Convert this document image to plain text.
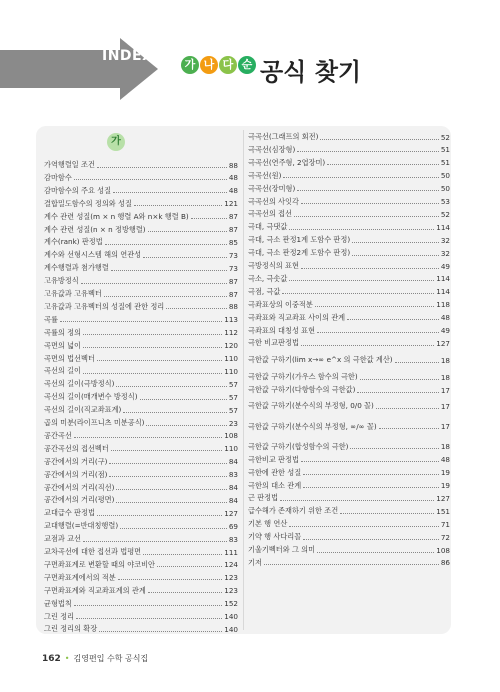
INDEX
가 나 다 순 공식 찾기
가역행렬일 조건	88
감마함수	48
감마함수의 주요 성질	48
결합밀도함수의 정의와 성질	121
계수 관련 성질(m × n 행렬 A와 n×k 행렬 B)	87
계수 관련 성질(n × n 정방행렬)	87
계수(rank) 판정법	85
계수와 선형시스템 해의 연관성	73
계수행렬과 첨가행렬	73
고유방정식	87
고유값과 고유벡터	87
고유값과 고유벡터의 성질에 관한 정리	88
곡률	113
곡률의 정의	112
곡면의 넓이	120
곡면의 법선벡터	110
곡선의 길이	110
곡선의 길이(극방정식)	57
곡선의 길이(매개변수 방정식)	57
곡선의 길이(직교좌표계)	57
곱의 미분(라이프니츠 미분공식)	23
공간곡선	108
공간곡선의 접선벡터	110
공간에서의 거리(구)	84
공간에서의 거리(점)	83
공간에서의 거리(직선)	84
공간에서의 거리(평면)	84
교대급수 판정법	127
교대행렬(=반대칭행렬)	69
교점과 교선	83
교차곡선에 대한 접선과 법평면	111
구면좌표계로 변환할 때의 야코비안	124
구면좌표계에서의 적분	123
구면좌표계와 직교좌표계의 관계	123
균형법칙	152
그린 정리	140
그린 정리의 확장	140
극곡선(그래프의 회전)	52
극곡선(심장형)	51
극곡선(연주형, 2엽장미)	51
극곡선(원)	50
극곡선(장미형)	50
극곡선의 사잇각	53
극곡선의 접선	52
극대, 극댓값	114
극대, 극소 판정1계 도함수 판정)	32
극대, 극소 판정2계 도함수 판정)	32
극방정식의 표현	49
극소, 극솟값	114
극점, 극값	114
극좌표상의 이중적분	118
극좌표와 직교좌표 사이의 관계	48
극좌표의 대칭성 표현	49
극한 비교판정법	127
극한값 구하기(lim x→∞ e^x 의 극한값 계산)	18
극한값 구하기(가우스 함수의 극한)	18
극한값 구하기(다항함수의 극한값)	17
극한값 구하기(분수식의 부정형, 0/0 꼴)	17
극한값 구하기(분수식의 부정형, ∞/∞ 꼴)	17
극한값 구하기(합성함수의 극한)	18
극한비교 판정법	48
극한에 관한 성질	19
극한의 대소 관계	19
근 판정법	127
급수해가 존재하기 위한 조건	151
기본 행 연산	71
기약 행 사다리꼴	72
기울기벡터와 그 의미	108
기저	86
가
162 • 김영편입 수학 공식집
